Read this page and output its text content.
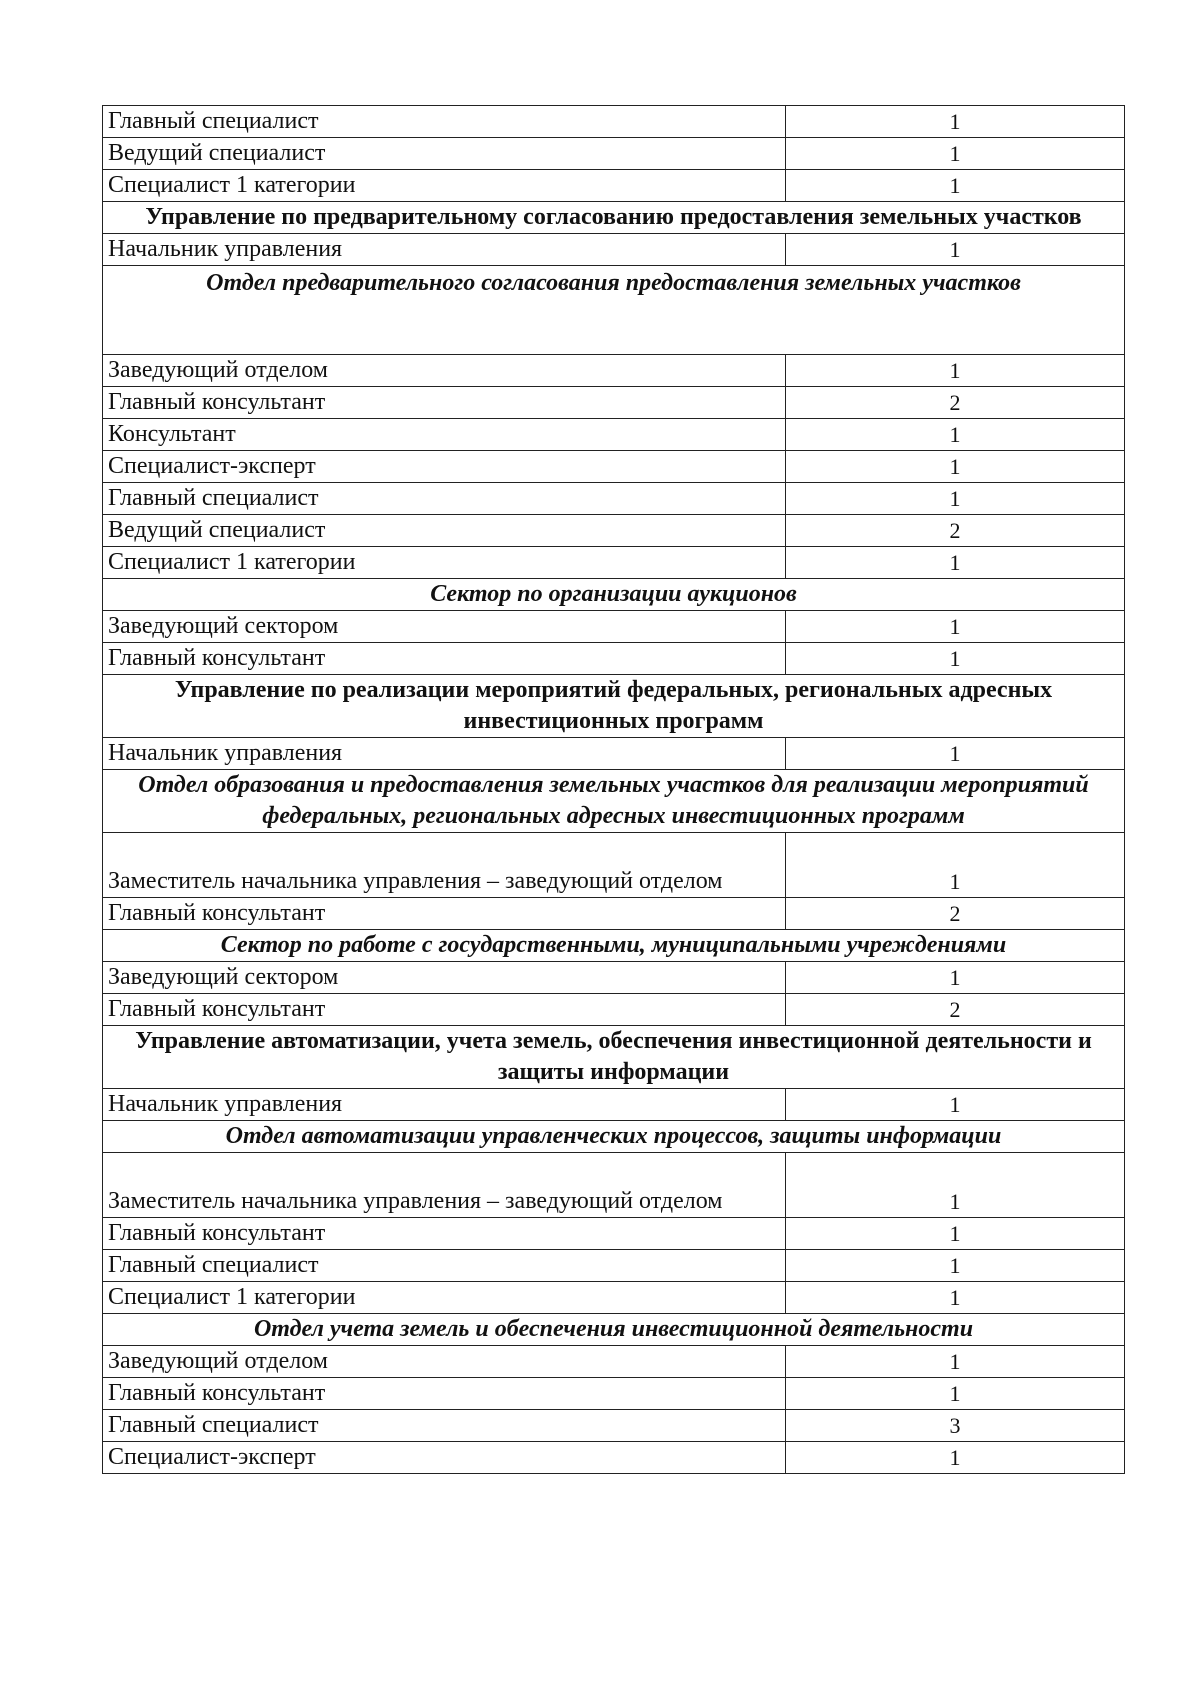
Главный специалист	1
Ведущий специалист	1
Специалист 1 категории	1
Управление по предварительному согласованию предоставления земельных участков	
Начальник управления	1
Отдел предварительного согласования предоставления земельных участков	
Заведующий отделом	1
Главный консультант	2
Консультант	1
Специалист-эксперт	1
Главный специалист	1
Ведущий специалист	2
Специалист 1 категории	1
Сектор по организации аукционов	
Заведующий сектором	1
Главный консультант	1
Управление по реализации мероприятий федеральных, региональных адресных инвестиционных программ	
Начальник управления	1
Отдел образования и предоставления земельных участков для реализации мероприятий федеральных, региональных адресных инвестиционных программ	
Заместитель начальника управления – заведующий отделом	1
Главный консультант	2
Сектор по работе с государственными, муниципальными учреждениями	
Заведующий сектором	1
Главный консультант	2
Управление автоматизации, учета земель, обеспечения инвестиционной деятельности и защиты информации	
Начальник управления	1
Отдел автоматизации управленческих процессов, защиты информации	
Заместитель начальника управления – заведующий отделом	1
Главный консультант	1
Главный специалист	1
Специалист 1 категории	1
Отдел учета земель и обеспечения инвестиционной деятельности	
Заведующий отделом	1
Главный консультант	1
Главный специалист	3
Специалист-эксперт	1
